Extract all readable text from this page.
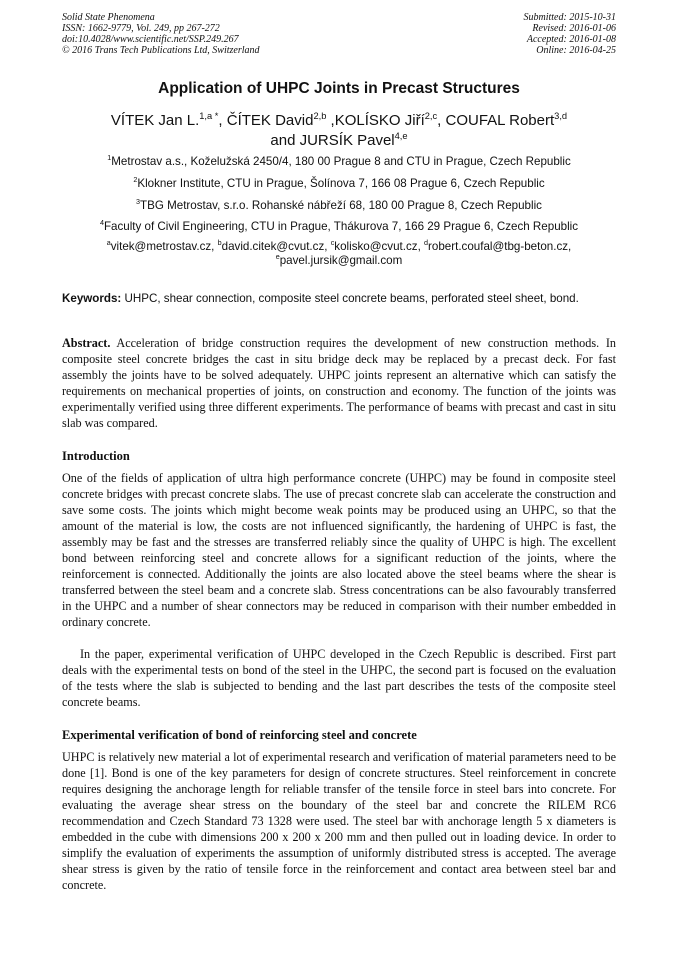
Solid State Phenomena
ISSN: 1662-9779, Vol. 249, pp 267-272
doi:10.4028/www.scientific.net/SSP.249.267
© 2016 Trans Tech Publications Ltd, Switzerland
Submitted: 2015-10-31
Revised: 2016-01-06
Accepted: 2016-01-08
Online: 2016-04-25
Application of UHPC Joints in Precast Structures
VÍTEK Jan L.$^{1,a *}$, ČÍTEK David$^{2,b}$ ,KOLÍSKO Jiří$^{2,c}$, COUFAL Robert$^{3,d}$
and JURSÍK Pavel$^{4,e}$
$^1$Metrostav a.s., Koželužská 2450/4, 180 00 Prague 8 and CTU in Prague, Czech Republic
$^2$Klokner Institute, CTU in Prague, Šolínova 7, 166 08 Prague 6, Czech Republic
$^3$TBG Metrostav, s.r.o. Rohanské nábřeží 68, 180 00 Prague 8, Czech Republic
$^4$Faculty of Civil Engineering, CTU in Prague, Thákurova 7, 166 29 Prague 6, Czech Republic
$^a$vitek@metrostav.cz, $^b$david.citek@cvut.cz, $^c$kolisko@cvut.cz, $^d$robert.coufal@tbg-beton.cz,
$^e$pavel.jursik@gmail.com
Keywords: UHPC, shear connection, composite steel concrete beams, perforated steel sheet, bond.
Abstract. Acceleration of bridge construction requires the development of new construction methods. In composite steel concrete bridges the cast in situ bridge deck may be replaced by a precast deck. For fast assembly the joints have to be solved adequately. UHPC joints represent an alternative which can satisfy the requirements on mechanical properties of joints, on construction and economy. The function of the joints was experimentally verified using three different experiments. The performance of beams with precast and cast in situ slab was compared.
Introduction

One of the fields of application of ultra high performance concrete (UHPC) may be found in composite steel concrete bridges with precast concrete slabs. The use of precast concrete slab can accelerate the construction and save some costs. The joints which might become weak points may be produced using an UHPC, so that the amount of the material is low, the costs are not influenced significantly, the hardening of UHPC is fast, the assembly may be fast and the stresses are transferred reliably since the quality of UHPC is high. The excellent bond between reinforcing steel and concrete allows for a significant reduction of the joints, where the reinforcement is connected. Additionally the joints are also located above the steel beams where the shear is transferred between the steel beam and a concrete slab. Stress concentrations can be also favourably transferred in the UHPC and a number of shear connectors may be reduced in comparison with their number embedded in ordinary concrete.

In the paper, experimental verification of UHPC developed in the Czech Republic is described. First part deals with the experimental tests on bond of the steel in the UHPC, the second part is focused on the evaluation of the tests where the slab is subjected to bending and the last part describes the tests of the composite steel concrete beams.

Experimental verification of bond of reinforcing steel and concrete

UHPC is relatively new material a lot of experimental research and verification of material parameters need to be done [1]. Bond is one of the key parameters for design of concrete structures. Steel reinforcement in concrete requires designing the anchorage length for reliable transfer of the tensile force in steel bars into concrete. For evaluating the average shear stress on the boundary of the steel bar and concrete the RILEM RC6 recommendation and Czech Standard 73 1328 were used. The steel bar with anchorage length 5 x diameters is embedded in the cube with dimensions 200 x 200 x 200 mm and then pulled out in loading device. In order to simplify the evaluation of experiments the assumption of uniformly distributed stress is accepted. The average shear stress is given by the ratio of tensile force in the reinforcement and contact area between steel bar and concrete.
